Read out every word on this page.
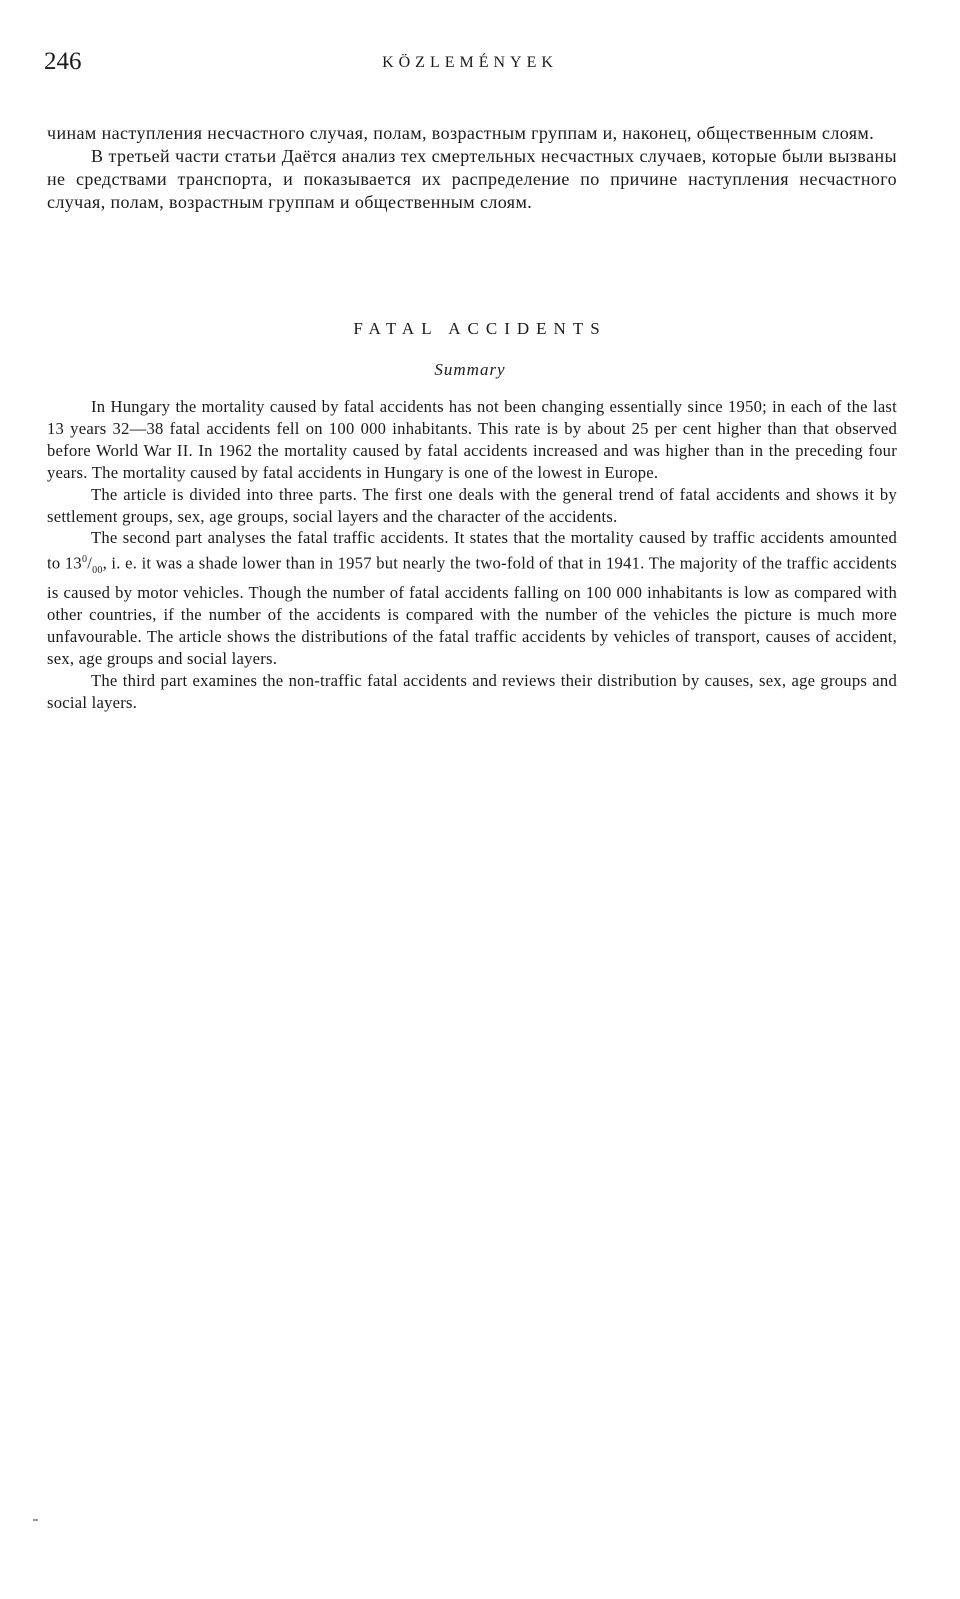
246	KÖZLEMÉNYEK

чинам наступления несчастного случая, полам, возрастным группам и, наконец, общественным слоям.

В третьей части статьи Даётся анализ тех смертельных несчастных случаев, которые были вызваны не средствами транспорта, и показывается их распределение по причине наступления несчастного случая, полам, возрастным группам и общественным слоям.

FATAL ACCIDENTS
Summary

In Hungary the mortality caused by fatal accidents has not been changing essentially since 1950; in each of the last 13 years 32—38 fatal accidents fell on 100 000 inhabitants. This rate is by about 25 per cent higher than that observed before World War II. In 1962 the mortality caused by fatal accidents increased and was higher than in the preceding four years. The mortality caused by fatal accidents in Hungary is one of the lowest in Europe.

The article is divided into three parts. The first one deals with the general trend of fatal accidents and shows it by settlement groups, sex, age groups, social layers and the character of the accidents.

The second part analyses the fatal traffic accidents. It states that the mortality caused by traffic accidents amounted to $13^0/_{00}$, i. e. it was a shade lower than in 1957 but nearly the two-fold of that in 1941. The majority of the traffic accidents is caused by motor vehicles. Though the number of fatal accidents falling on 100 000 inhabitants is low as compared with other countries, if the number of the accidents is compared with the number of the vehicles the picture is much more unfavourable. The article shows the distributions of the fatal traffic accidents by vehicles of transport, causes of accident, sex, age groups and social layers.

The third part examines the non-traffic fatal accidents and reviews their distribution by causes, sex, age groups and social layers.
